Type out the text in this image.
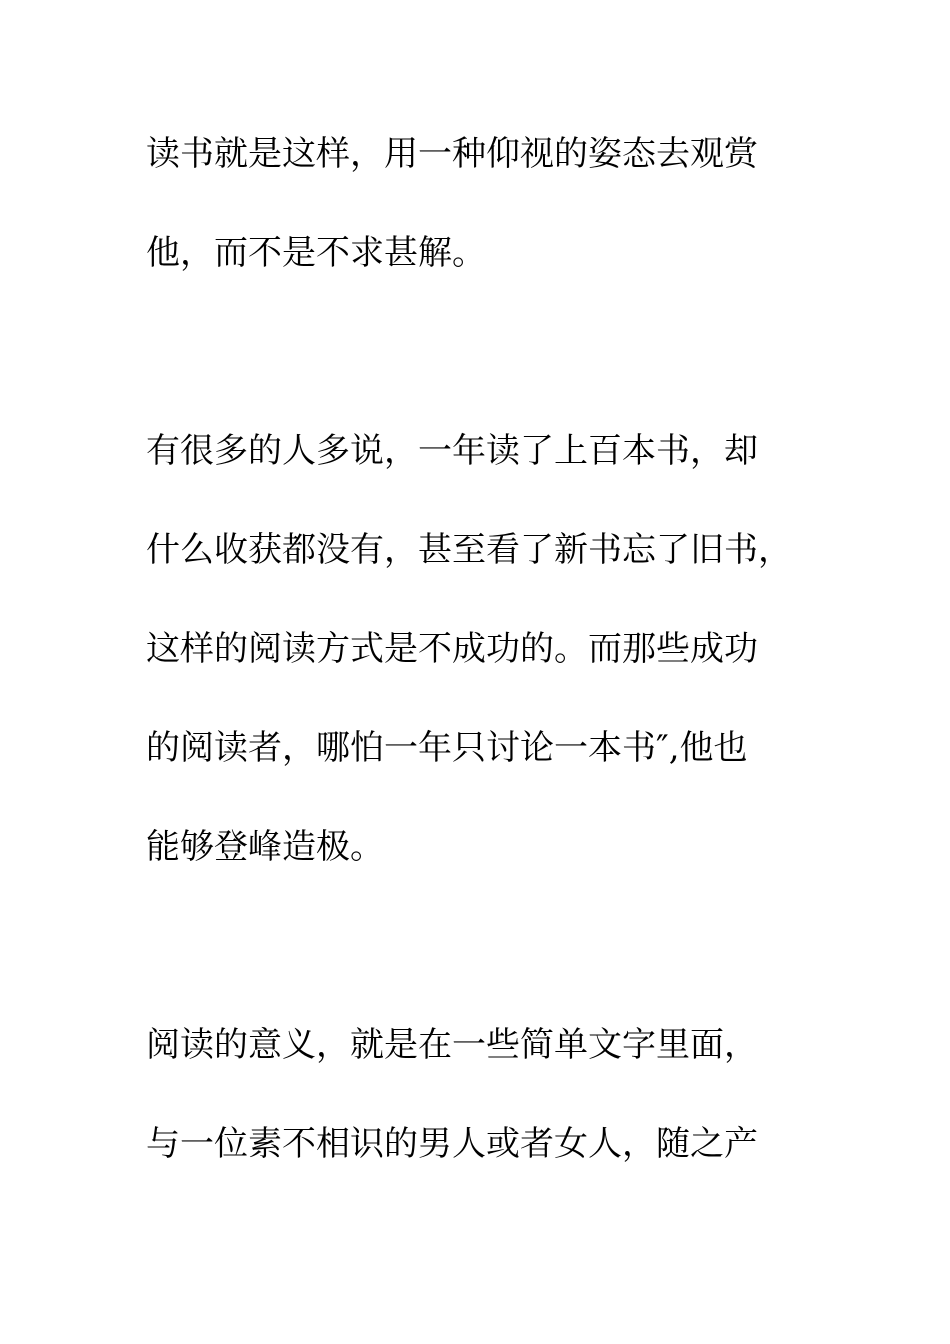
读书就是这样，用一种仰视的姿态去观赏
他，而不是不求甚解。
有很多的人多说，一年读了上百本书，却
什么收获都没有，甚至看了新书忘了旧书，
这样的阅读方式是不成功的。而那些成功
的阅读者，哪怕一年只讨论一本书″,他也
能够登峰造极。
阅读的意义，就是在一些简单文字里面，
与一位素不相识的男人或者女人，随之产
